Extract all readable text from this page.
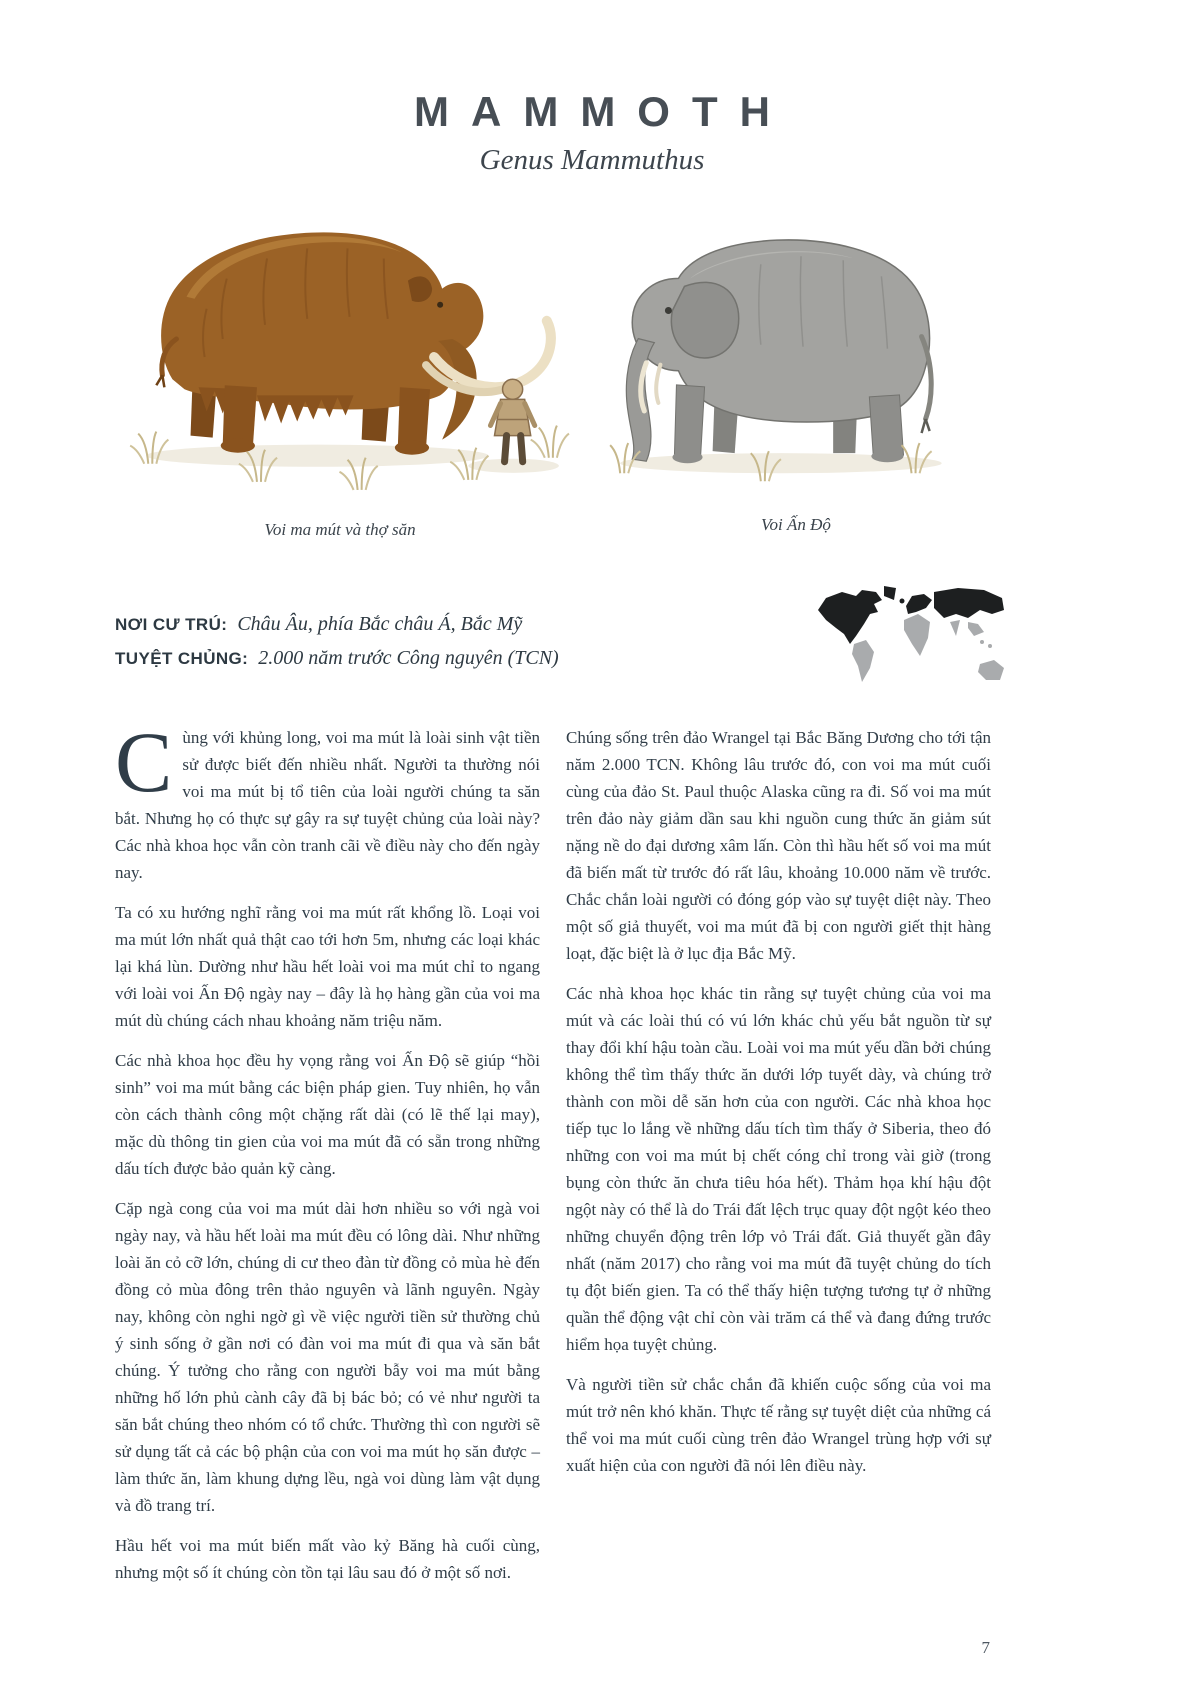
MAMMOTH
Genus Mammuthus
Voi ma mút và thợ săn	Voi Ấn Độ
NƠI CƯ TRÚ: Châu Âu, phía Bắc châu Á, Bắc Mỹ
TUYỆT CHỦNG: 2.000 năm trước Công nguyên (TCN)

Cùng với khủng long, voi ma mút là loài sinh vật tiền sử được biết đến nhiều nhất. Người ta thường nói voi ma mút bị tổ tiên của loài người chúng ta săn bắt. Nhưng họ có thực sự gây ra sự tuyệt chủng của loài này? Các nhà khoa học vẫn còn tranh cãi về điều này cho đến ngày nay.

Ta có xu hướng nghĩ rằng voi ma mút rất khổng lồ. Loại voi ma mút lớn nhất quả thật cao tới hơn 5m, nhưng các loại khác lại khá lùn. Dường như hầu hết loài voi ma mút chỉ to ngang với loài voi Ấn Độ ngày nay – đây là họ hàng gần của voi ma mút dù chúng cách nhau khoảng năm triệu năm.

Các nhà khoa học đều hy vọng rằng voi Ấn Độ sẽ giúp “hồi sinh” voi ma mút bằng các biện pháp gien. Tuy nhiên, họ vẫn còn cách thành công một chặng rất dài (có lẽ thế lại may), mặc dù thông tin gien của voi ma mút đã có sẵn trong những dấu tích được bảo quản kỹ càng.

Cặp ngà cong của voi ma mút dài hơn nhiều so với ngà voi ngày nay, và hầu hết loài ma mút đều có lông dài. Như những loài ăn cỏ cỡ lớn, chúng di cư theo đàn từ đồng cỏ mùa hè đến đồng cỏ mùa đông trên thảo nguyên và lãnh nguyên. Ngày nay, không còn nghi ngờ gì về việc người tiền sử thường chủ ý sinh sống ở gần nơi có đàn voi ma mút đi qua và săn bắt chúng. Ý tưởng cho rằng con người bẫy voi ma mút bằng những hố lớn phủ cành cây đã bị bác bỏ; có vẻ như người ta săn bắt chúng theo nhóm có tổ chức. Thường thì con người sẽ sử dụng tất cả các bộ phận của con voi ma mút họ săn được – làm thức ăn, làm khung dựng lều, ngà voi dùng làm vật dụng và đồ trang trí.

Hầu hết voi ma mút biến mất vào kỷ Băng hà cuối cùng, nhưng một số ít chúng còn tồn tại lâu sau đó ở một số nơi.

Chúng sống trên đảo Wrangel tại Bắc Băng Dương cho tới tận năm 2.000 TCN. Không lâu trước đó, con voi ma mút cuối cùng của đảo St. Paul thuộc Alaska cũng ra đi. Số voi ma mút trên đảo này giảm dần sau khi nguồn cung thức ăn giảm sút nặng nề do đại dương xâm lấn. Còn thì hầu hết số voi ma mút đã biến mất từ trước đó rất lâu, khoảng 10.000 năm về trước. Chắc chắn loài người có đóng góp vào sự tuyệt diệt này. Theo một số giả thuyết, voi ma mút đã bị con người giết thịt hàng loạt, đặc biệt là ở lục địa Bắc Mỹ.

Các nhà khoa học khác tin rằng sự tuyệt chủng của voi ma mút và các loài thú có vú lớn khác chủ yếu bắt nguồn từ sự thay đổi khí hậu toàn cầu. Loài voi ma mút yếu dần bởi chúng không thể tìm thấy thức ăn dưới lớp tuyết dày, và chúng trở thành con mồi dễ săn hơn của con người. Các nhà khoa học tiếp tục lo lắng về những dấu tích tìm thấy ở Siberia, theo đó những con voi ma mút bị chết cóng chỉ trong vài giờ (trong bụng còn thức ăn chưa tiêu hóa hết). Thảm họa khí hậu đột ngột này có thể là do Trái đất lệch trục quay đột ngột kéo theo những chuyển động trên lớp vỏ Trái đất. Giả thuyết gần đây nhất (năm 2017) cho rằng voi ma mút đã tuyệt chủng do tích tụ đột biến gien. Ta có thể thấy hiện tượng tương tự ở những quần thể động vật chỉ còn vài trăm cá thể và đang đứng trước hiểm họa tuyệt chủng.

Và người tiền sử chắc chắn đã khiến cuộc sống của voi ma mút trở nên khó khăn. Thực tế rằng sự tuyệt diệt của những cá thể voi ma mút cuối cùng trên đảo Wrangel trùng hợp với sự xuất hiện của con người đã nói lên điều này.

7
